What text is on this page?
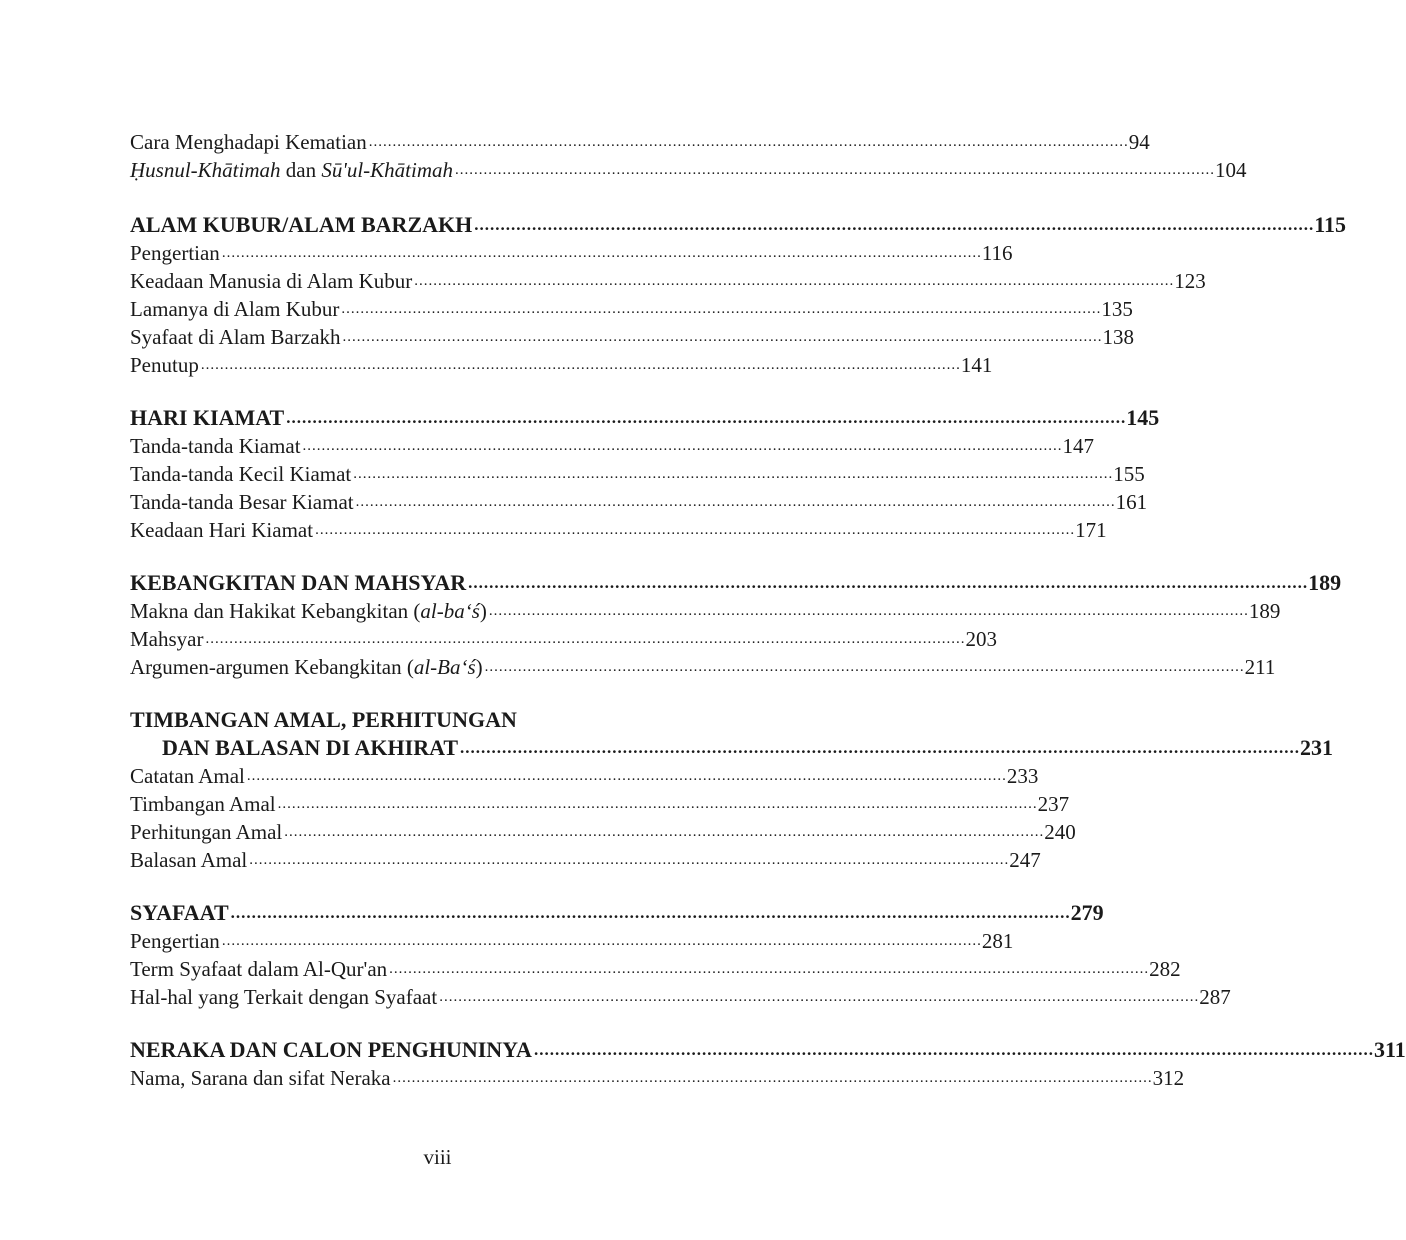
Cara Menghadapi Kematian ................................................................................................................................................................ 94
Ḥusnul-Khātimah dan Sū'ul-Khātimah ................................................................................................................................................................ 104
ALAM KUBUR/ALAM BARZAKH ................................................................................................................................................................ 115
Pengertian ................................................................................................................................................................ 116
Keadaan Manusia di Alam Kubur ................................................................................................................................................................ 123
Lamanya di Alam Kubur ................................................................................................................................................................ 135
Syafaat di Alam Barzakh ................................................................................................................................................................ 138
Penutup ................................................................................................................................................................ 141
HARI KIAMAT ................................................................................................................................................................ 145
Tanda-tanda Kiamat ................................................................................................................................................................ 147
Tanda-tanda Kecil Kiamat ................................................................................................................................................................ 155
Tanda-tanda Besar Kiamat ................................................................................................................................................................ 161
Keadaan Hari Kiamat ................................................................................................................................................................ 171
KEBANGKITAN DAN MAHSYAR ................................................................................................................................................................ 189
Makna dan Hakikat Kebangkitan (al-ba‘ś) ................................................................................................................................................................ 189
Mahsyar ................................................................................................................................................................ 203
Argumen-argumen Kebangkitan (al-Ba‘ś) ................................................................................................................................................................ 211
TIMBANGAN AMAL, PERHITUNGAN
DAN BALASAN DI AKHIRAT ................................................................................................................................................................ 231
Catatan Amal ................................................................................................................................................................ 233
Timbangan Amal ................................................................................................................................................................ 237
Perhitungan Amal ................................................................................................................................................................ 240
Balasan Amal ................................................................................................................................................................ 247
SYAFAAT ................................................................................................................................................................ 279
Pengertian ................................................................................................................................................................ 281
Term Syafaat dalam Al-Qur'an ................................................................................................................................................................ 282
Hal-hal yang Terkait dengan Syafaat ................................................................................................................................................................ 287
NERAKA DAN CALON PENGHUNINYA ................................................................................................................................................................ 311
Nama, Sarana dan sifat Neraka ................................................................................................................................................................ 312
viii
